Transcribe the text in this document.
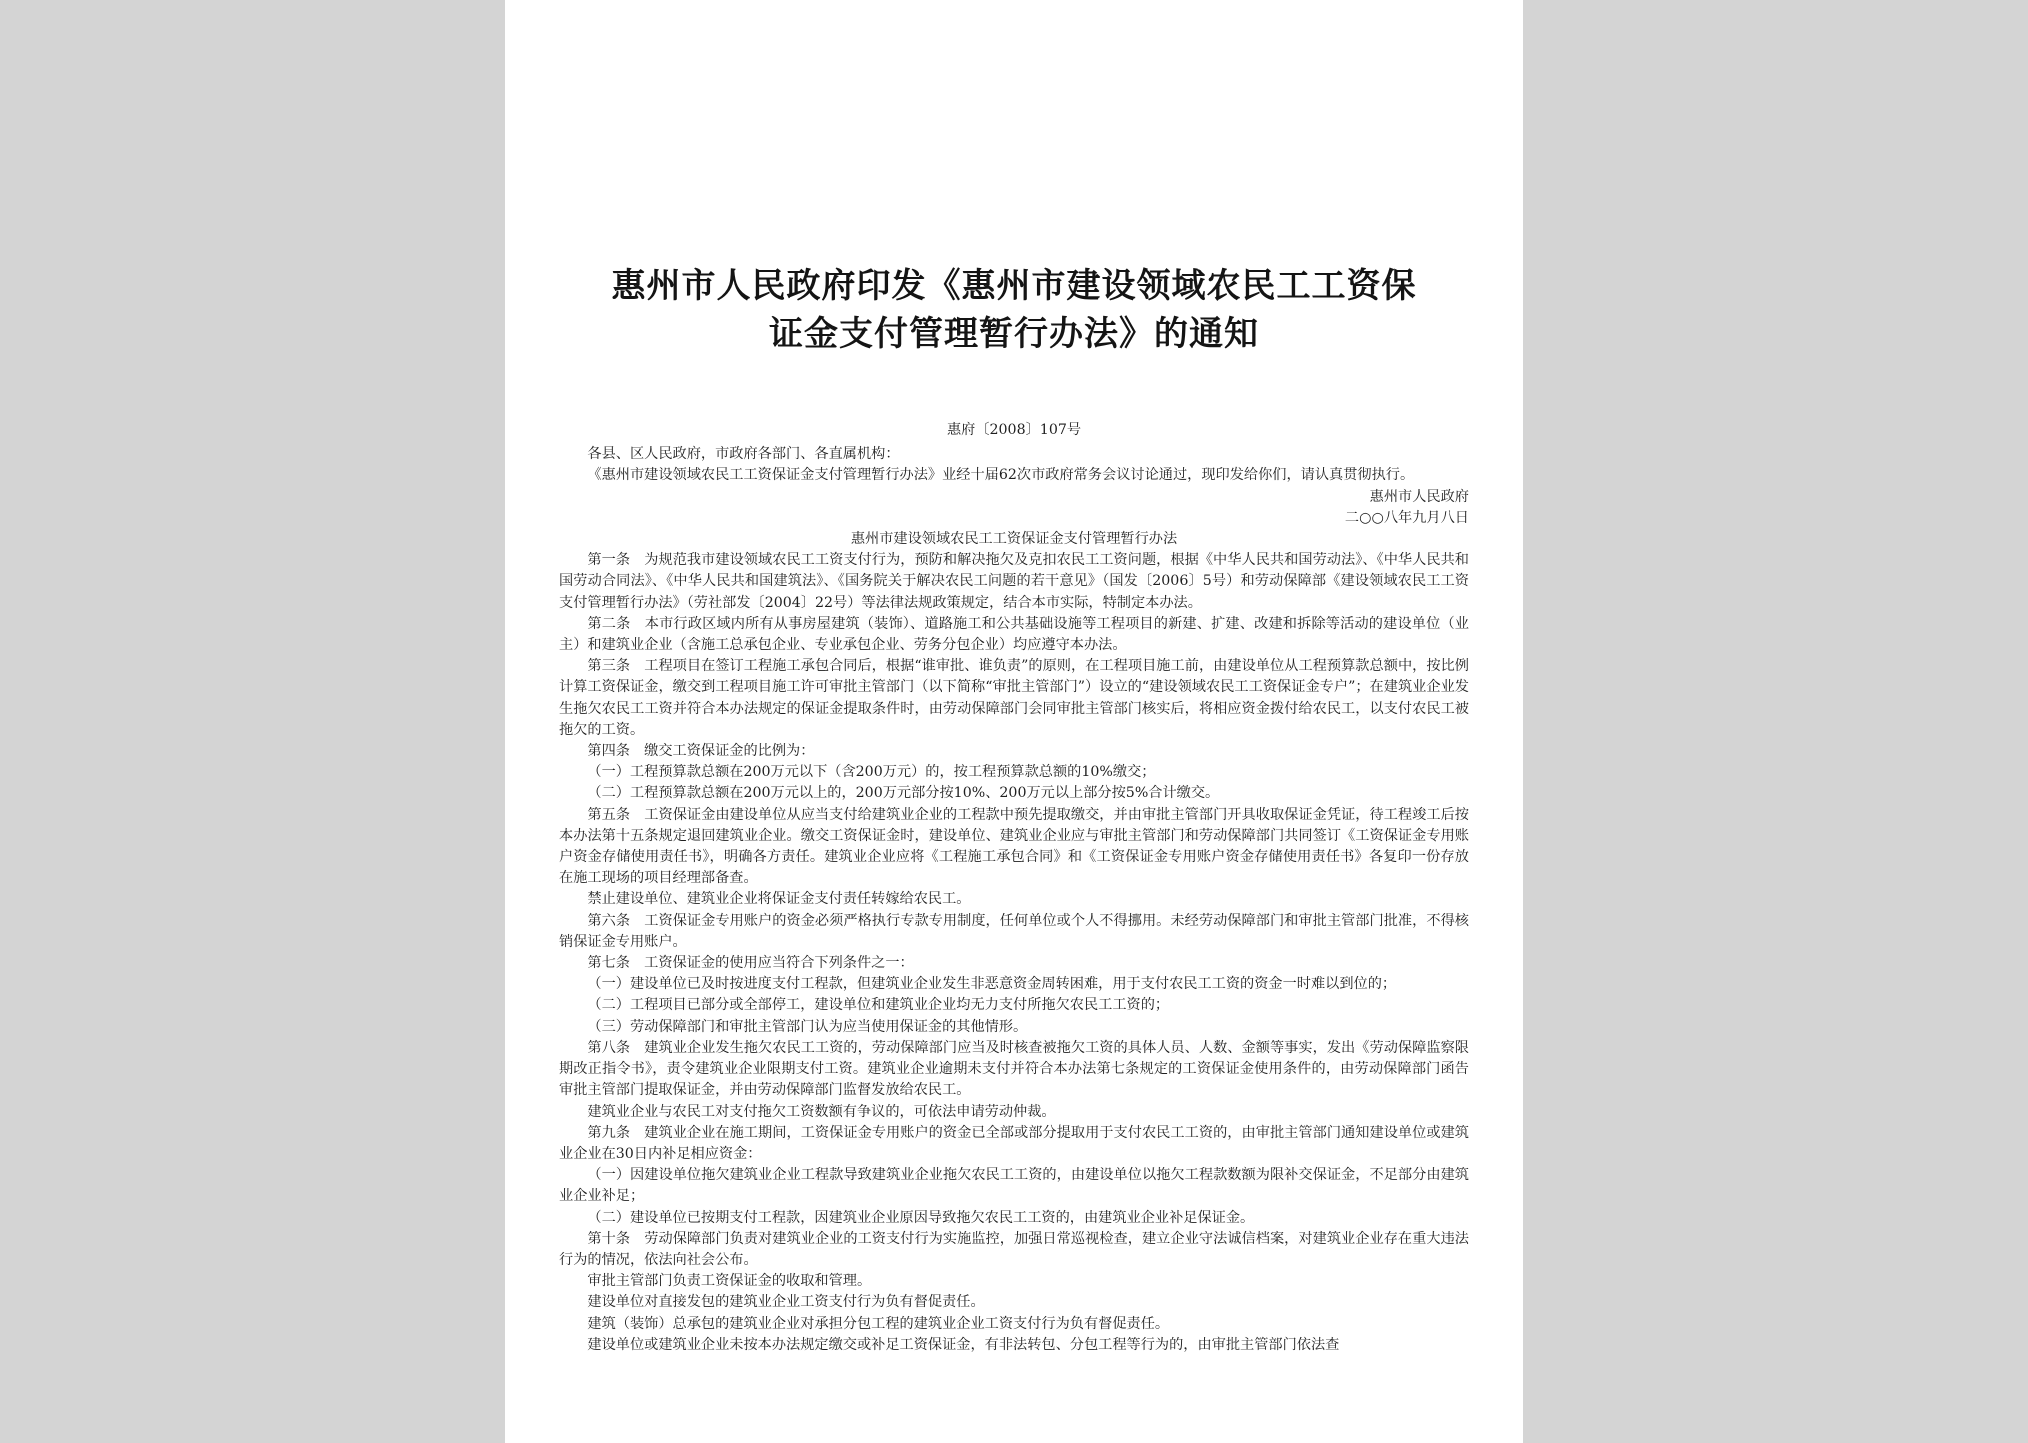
惠州市人民政府印发《惠州市建设领域农民工工资保
证金支付管理暂行办法》的通知
惠府〔2008〕107号

各县、区人民政府，市政府各部门、各直属机构：

《惠州市建设领域农民工工资保证金支付管理暂行办法》业经十届62次市政府常务会议讨论通过，现印发给你们，请认真贯彻执行。

惠州市人民政府

二○○八年九月八日

惠州市建设领域农民工工资保证金支付管理暂行办法

第一条　为规范我市建设领域农民工工资支付行为，预防和解决拖欠及克扣农民工工资问题，根据《中华人民共和国劳动法》、《中华人民共和国劳动合同法》、《中华人民共和国建筑法》、《国务院关于解决农民工问题的若干意见》（国发〔2006〕5号）和劳动保障部《建设领域农民工工资支付管理暂行办法》（劳社部发〔2004〕22号）等法律法规政策规定，结合本市实际，特制定本办法。

第二条　本市行政区域内所有从事房屋建筑（装饰）、道路施工和公共基础设施等工程项目的新建、扩建、改建和拆除等活动的建设单位（业主）和建筑业企业（含施工总承包企业、专业承包企业、劳务分包企业）均应遵守本办法。

第三条　工程项目在签订工程施工承包合同后，根据“谁审批、谁负责”的原则，在工程项目施工前，由建设单位从工程预算款总额中，按比例计算工资保证金，缴交到工程项目施工许可审批主管部门（以下简称“审批主管部门”）设立的“建设领域农民工工资保证金专户”；在建筑业企业发生拖欠农民工工资并符合本办法规定的保证金提取条件时，由劳动保障部门会同审批主管部门核实后，将相应资金拨付给农民工，以支付农民工被拖欠的工资。

第四条　缴交工资保证金的比例为：

（一）工程预算款总额在200万元以下（含200万元）的，按工程预算款总额的10%缴交；

（二）工程预算款总额在200万元以上的，200万元部分按10%、200万元以上部分按5%合计缴交。

第五条　工资保证金由建设单位从应当支付给建筑业企业的工程款中预先提取缴交，并由审批主管部门开具收取保证金凭证，待工程竣工后按本办法第十五条规定退回建筑业企业。缴交工资保证金时，建设单位、建筑业企业应与审批主管部门和劳动保障部门共同签订《工资保证金专用账户资金存储使用责任书》，明确各方责任。建筑业企业应将《工程施工承包合同》和《工资保证金专用账户资金存储使用责任书》各复印一份存放在施工现场的项目经理部备查。

禁止建设单位、建筑业企业将保证金支付责任转嫁给农民工。

第六条　工资保证金专用账户的资金必须严格执行专款专用制度，任何单位或个人不得挪用。未经劳动保障部门和审批主管部门批准，不得核销保证金专用账户。

第七条　工资保证金的使用应当符合下列条件之一：

（一）建设单位已及时按进度支付工程款，但建筑业企业发生非恶意资金周转困难，用于支付农民工工资的资金一时难以到位的；

（二）工程项目已部分或全部停工，建设单位和建筑业企业均无力支付所拖欠农民工工资的；

（三）劳动保障部门和审批主管部门认为应当使用保证金的其他情形。

第八条　建筑业企业发生拖欠农民工工资的，劳动保障部门应当及时核查被拖欠工资的具体人员、人数、金额等事实，发出《劳动保障监察限期改正指令书》，责令建筑业企业限期支付工资。建筑业企业逾期未支付并符合本办法第七条规定的工资保证金使用条件的，由劳动保障部门函告审批主管部门提取保证金，并由劳动保障部门监督发放给农民工。

建筑业企业与农民工对支付拖欠工资数额有争议的，可依法申请劳动仲裁。

第九条　建筑业企业在施工期间，工资保证金专用账户的资金已全部或部分提取用于支付农民工工资的，由审批主管部门通知建设单位或建筑业企业在30日内补足相应资金：

（一）因建设单位拖欠建筑业企业工程款导致建筑业企业拖欠农民工工资的，由建设单位以拖欠工程款数额为限补交保证金，不足部分由建筑业企业补足；

（二）建设单位已按期支付工程款，因建筑业企业原因导致拖欠农民工工资的，由建筑业企业补足保证金。

第十条　劳动保障部门负责对建筑业企业的工资支付行为实施监控，加强日常巡视检查，建立企业守法诚信档案，对建筑业企业存在重大违法行为的情况，依法向社会公布。

审批主管部门负责工资保证金的收取和管理。

建设单位对直接发包的建筑业企业工资支付行为负有督促责任。

建筑（装饰）总承包的建筑业企业对承担分包工程的建筑业企业工资支付行为负有督促责任。

建设单位或建筑业企业未按本办法规定缴交或补足工资保证金，有非法转包、分包工程等行为的，由审批主管部门依法查
